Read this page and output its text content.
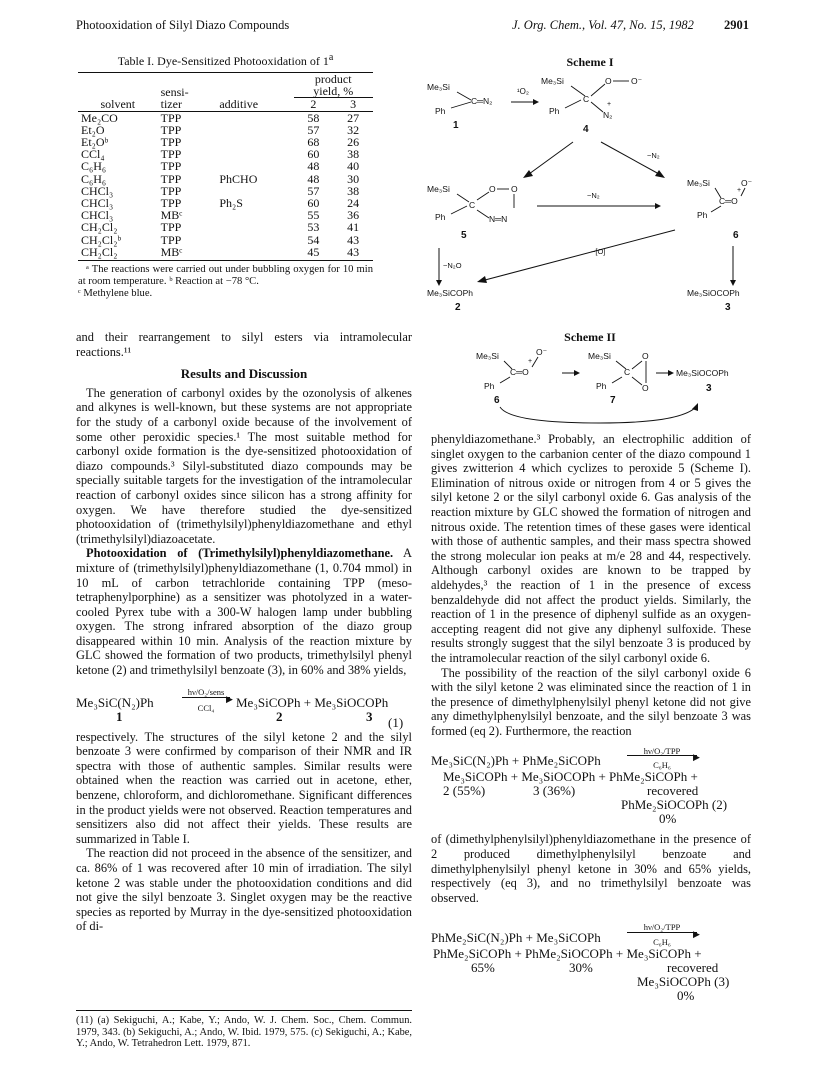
Photooxidation of Silyl Diazo Compounds	J. Org. Chem., Vol. 47, No. 15, 1982 2901
Table I. Dye-Sensitized Photooxidation of 1$^a$
			product	
	sensi-		yield, %	
solvent	tizer	additive	2	3
Me₂CO	TPP		58	27
Et₂O	TPP		57	32
Et₂Oᵇ	TPP		68	26
CCl₄	TPP		60	38
C₆H₆	TPP		48	40
C₆H₆	TPP	PhCHO	48	30
CHCl₃	TPP		57	38
CHCl₃	TPP	Ph₂S	60	24
CHCl₃	MBᶜ		55	36
CH₂Cl₂	TPP		53	41
CH₂Cl₂ᵇ	TPP		54	43
CH₂Cl₂	MBᶜ		45	43
ᵃ The reactions were carried out under bubbling oxygen for 10 min at room temperature. ᵇ Reaction at −78 °C.
ᶜ Methylene blue.

and their rearrangement to silyl esters via intramolecular reactions.¹¹

Results and Discussion

The generation of carbonyl oxides by the ozonolysis of alkenes and alkynes is well-known, but these systems are not appropriate for the study of a carbonyl oxide because of the involvement of some other peroxidic species.¹ The most suitable method for carbonyl oxide formation is the dye-sensitized photooxidation of diazo compounds.³ Silyl-substituted diazo compounds may be specially suitable targets for the investigation of the intramolecular reaction of carbonyl oxides since silicon has a strong affinity for oxygen. We have therefore studied the dye-sensitized photooxidation of (trimethylsilyl)phenyldiazomethane and ethyl (trimethylsilyl)diazoacetate.

Photooxidation of (Trimethylsilyl)phenyldiazomethane. A mixture of (trimethylsilyl)phenyldiazomethane (1, 0.704 mmol) in 10 mL of carbon tetrachloride containing TPP (meso-tetraphenylporphine) as a sensitizer was photolyzed in a water-cooled Pyrex tube with a 300-W halogen lamp under bubbling oxygen. The strong infrared absorption of the diazo group disappeared within 10 min. Analysis of the reaction mixture by GLC showed the formation of two products, trimethylsilyl phenyl ketone (2) and trimethylsilyl benzoate (3), in 60% and 38% yields,

Me₃SiC(N₂)Ph
hν/O₂/sens
▶
CCl₄	Me₃SiCOPh + Me₃SiOCOPh
1	2	3 (1)

respectively. The structures of the silyl ketone 2 and the silyl benzoate 3 were confirmed by comparison of their NMR and IR spectra with those of authentic samples. Similar results were obtained when the reaction was carried out in acetone, ether, benzene, chloroform, and dichloromethane. Significant differences in the product yields were not observed. Reaction temperatures and sensitizers also did not affect their yields. These results are summarized in Table I.

The reaction did not proceed in the absence of the sensitizer, and ca. 86% of 1 was recovered after 10 min of irradiation. The silyl ketone 2 was stable under the photooxidation conditions and did not give the silyl benzoate 3. Singlet oxygen may be the reactive species as reported by Murray in the dye-sensitized photooxidation of di-

(11) (a) Sekiguchi, A.; Kabe, Y.; Ando, W. J. Chem. Soc., Chem. Commun. 1979, 343. (b) Sekiguchi, A.; Ando, W. Ibid. 1979, 575. (c) Sekiguchi, A.; Kabe, Y.; Ando, W. Tetrahedron Lett. 1979, 871.
Scheme I
Me₃Si
C ═N₂
Ph
1
¹O₂
Me₃Si
C
O O⁻
Ph	N₂
+
4
−N₂
Me₃Si
C
O O
Ph	N═N
5
−N₂
Me₃Si
C═O
+
O⁻
Ph
6
−N₂O
−[O]
Me₃SiCOPh
2
Me₃SiOCOPh
3
Scheme II
Me₃Si
C═O
+
O⁻
Ph
6
Me₃Si
C
O
O
Ph
7
Me₃SiOCOPh
3

phenyldiazomethane.³ Probably, an electrophilic addition of singlet oxygen to the carbanion center of the diazo compound 1 gives zwitterion 4 which cyclizes to peroxide 5 (Scheme I). Elimination of nitrous oxide or nitrogen from 4 or 5 gives the silyl ketone 2 or the silyl carbonyl oxide 6. Gas analysis of the reaction mixture by GLC showed the formation of nitrogen and nitrous oxide. The retention times of these gases were identical with those of authentic samples, and their mass spectra showed the strong molecular ion peaks at m/e 28 and 44, respectively. Although carbonyl oxides are known to be trapped by aldehydes,³ the reaction of 1 in the presence of excess benzaldehyde did not affect the product yields. Similarly, the reaction of 1 in the presence of diphenyl sulfide as an oxygen-accepting reagent did not give any diphenyl sulfoxide. These results strongly suggest that the silyl benzoate 3 is produced by the intramolecular reaction of the silyl carbonyl oxide 6.

The possibility of the reaction of the silyl carbonyl oxide 6 with the silyl ketone 2 was eliminated since the reaction of 1 in the presence of dimethylphenylsilyl phenyl ketone did not give any dimethylphenylsilyl benzoate, and the silyl benzoate 3 was formed (eq 2). Furthermore, the reaction

Me₃SiC(N₂)Ph + PhMe₂SiCOPh
hν/O₂/TPP
▶
C₆H₆
Me₃SiCOPh + Me₃SiOCOPh + PhMe₂SiCOPh +
2 (55%)	3 (36%)	recovered
PhMe₂SiOCOPh (2)
0%

of (dimethylphenylsilyl)phenyldiazomethane in the presence of 2 produced dimethylphenylsilyl benzoate and dimethylphenylsilyl phenyl ketone in 30% and 65% yields, respectively (eq 3), and no trimethylsilyl benzoate was observed.

PhMe₂SiC(N₂)Ph + Me₃SiCOPh
hν/O₂/TPP
▶
C₆H₆
PhMe₂SiCOPh + PhMe₂SiOCOPh + Me₃SiCOPh +
65%	30%	recovered
Me₃SiOCOPh (3)
0%
